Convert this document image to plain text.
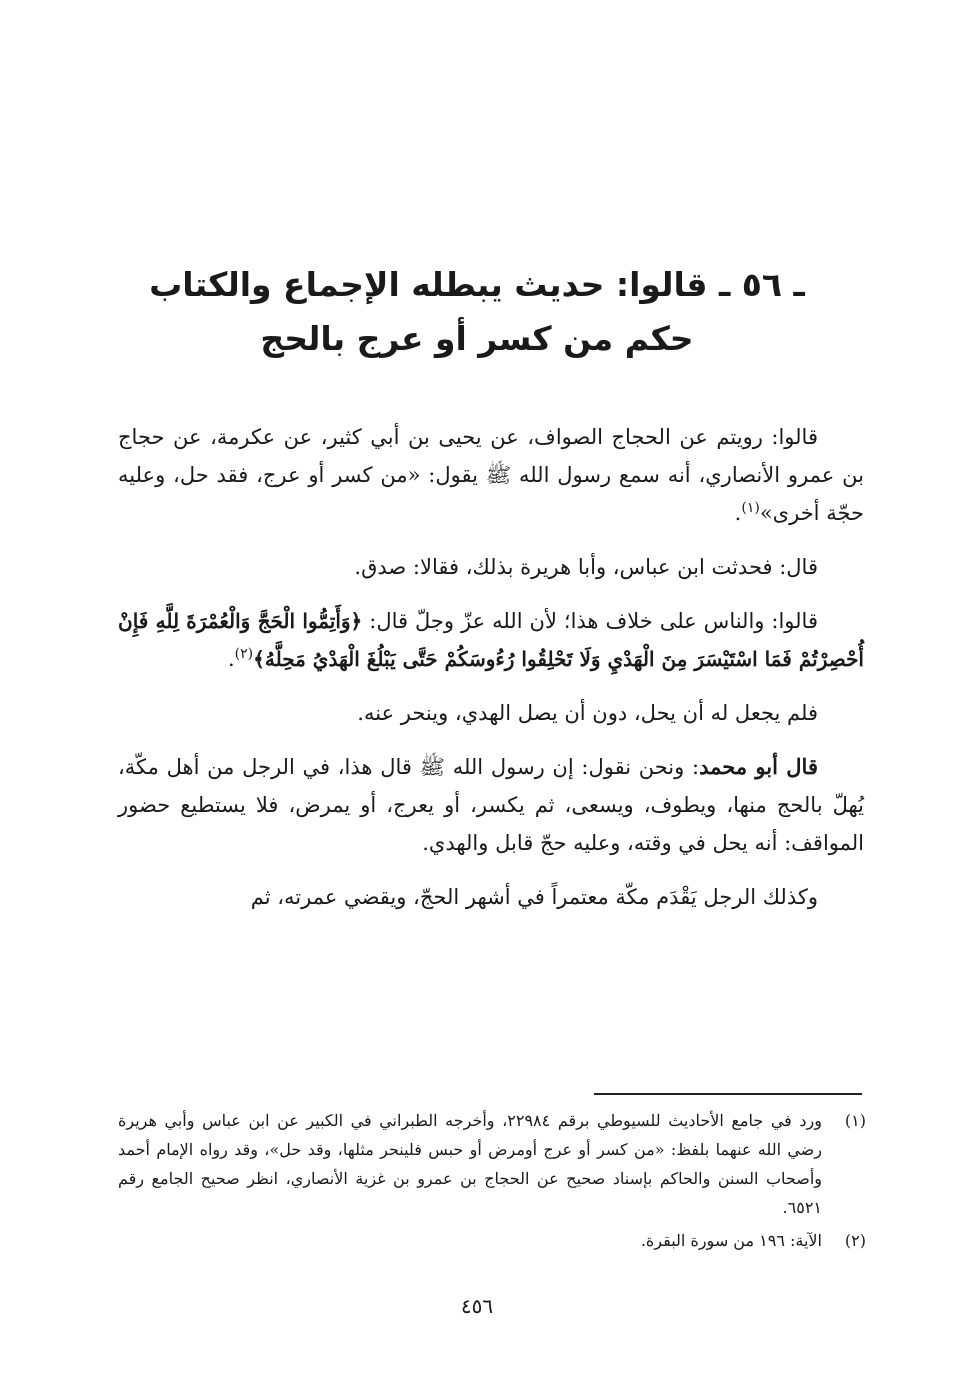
ـ ٥٦ ـ قالوا: حديث يبطله الإجماع والكتاب
حكم من كسر أو عرج بالحج

قالوا: رويتم عن الحجاج الصواف، عن يحيى بن أبي كثير، عن عكرمة، عن حجاج بن عمرو الأنصاري، أنه سمع رسول الله ﷺ يقول: «من كسر أو عرج، فقد حل، وعليه حجّة أخرى»$^{(١)}$.

قال: فحدثت ابن عباس، وأبا هريرة بذلك، فقالا: صدق.

قالوا: والناس على خلاف هذا؛ لأن الله عزّ وجلّ قال: ﴿وَأَتِمُّوا الْحَجَّ وَالْعُمْرَةَ لِلَّهِ فَإِنْ أُحْصِرْتُمْ فَمَا اسْتَيْسَرَ مِنَ الْهَدْيِ وَلَا تَحْلِقُوا رُءُوسَكُمْ حَتَّى يَبْلُغَ الْهَدْيُ مَحِلَّهُ﴾$^{(٢)}$.

فلم يجعل له أن يحل، دون أن يصل الهدي، وينحر عنه.

قال أبو محمد: ونحن نقول: إن رسول الله ﷺ قال هذا، في الرجل من أهل مكّة، يُهلّ بالحج منها، ويطوف، ويسعى، ثم يكسر، أو يعرج، أو يمرض، فلا يستطيع حضور المواقف: أنه يحل في وقته، وعليه حجّ قابل والهدي.

وكذلك الرجل يَقْدَم مكّة معتمراً في أشهر الحجّ، ويقضي عمرته، ثم

(١)
ورد في جامع الأحاديث للسيوطي برقم ٢٢٩٨٤، وأخرجه الطبراني في الكبير عن ابن عباس وأبي هريرة رضي الله عنهما بلفظ: «من كسر أو عرج أومرض أو حبس فلينحر مثلها، وقد حل»، وقد رواه الإمام أحمد وأصحاب السنن والحاكم بإسناد صحيح عن الحجاج بن عمرو بن غزية الأنصاري، انظر صحيح الجامع رقم ٦٥٢١.
(٢)
الآية: ١٩٦ من سورة البقرة.
٤٥٦
